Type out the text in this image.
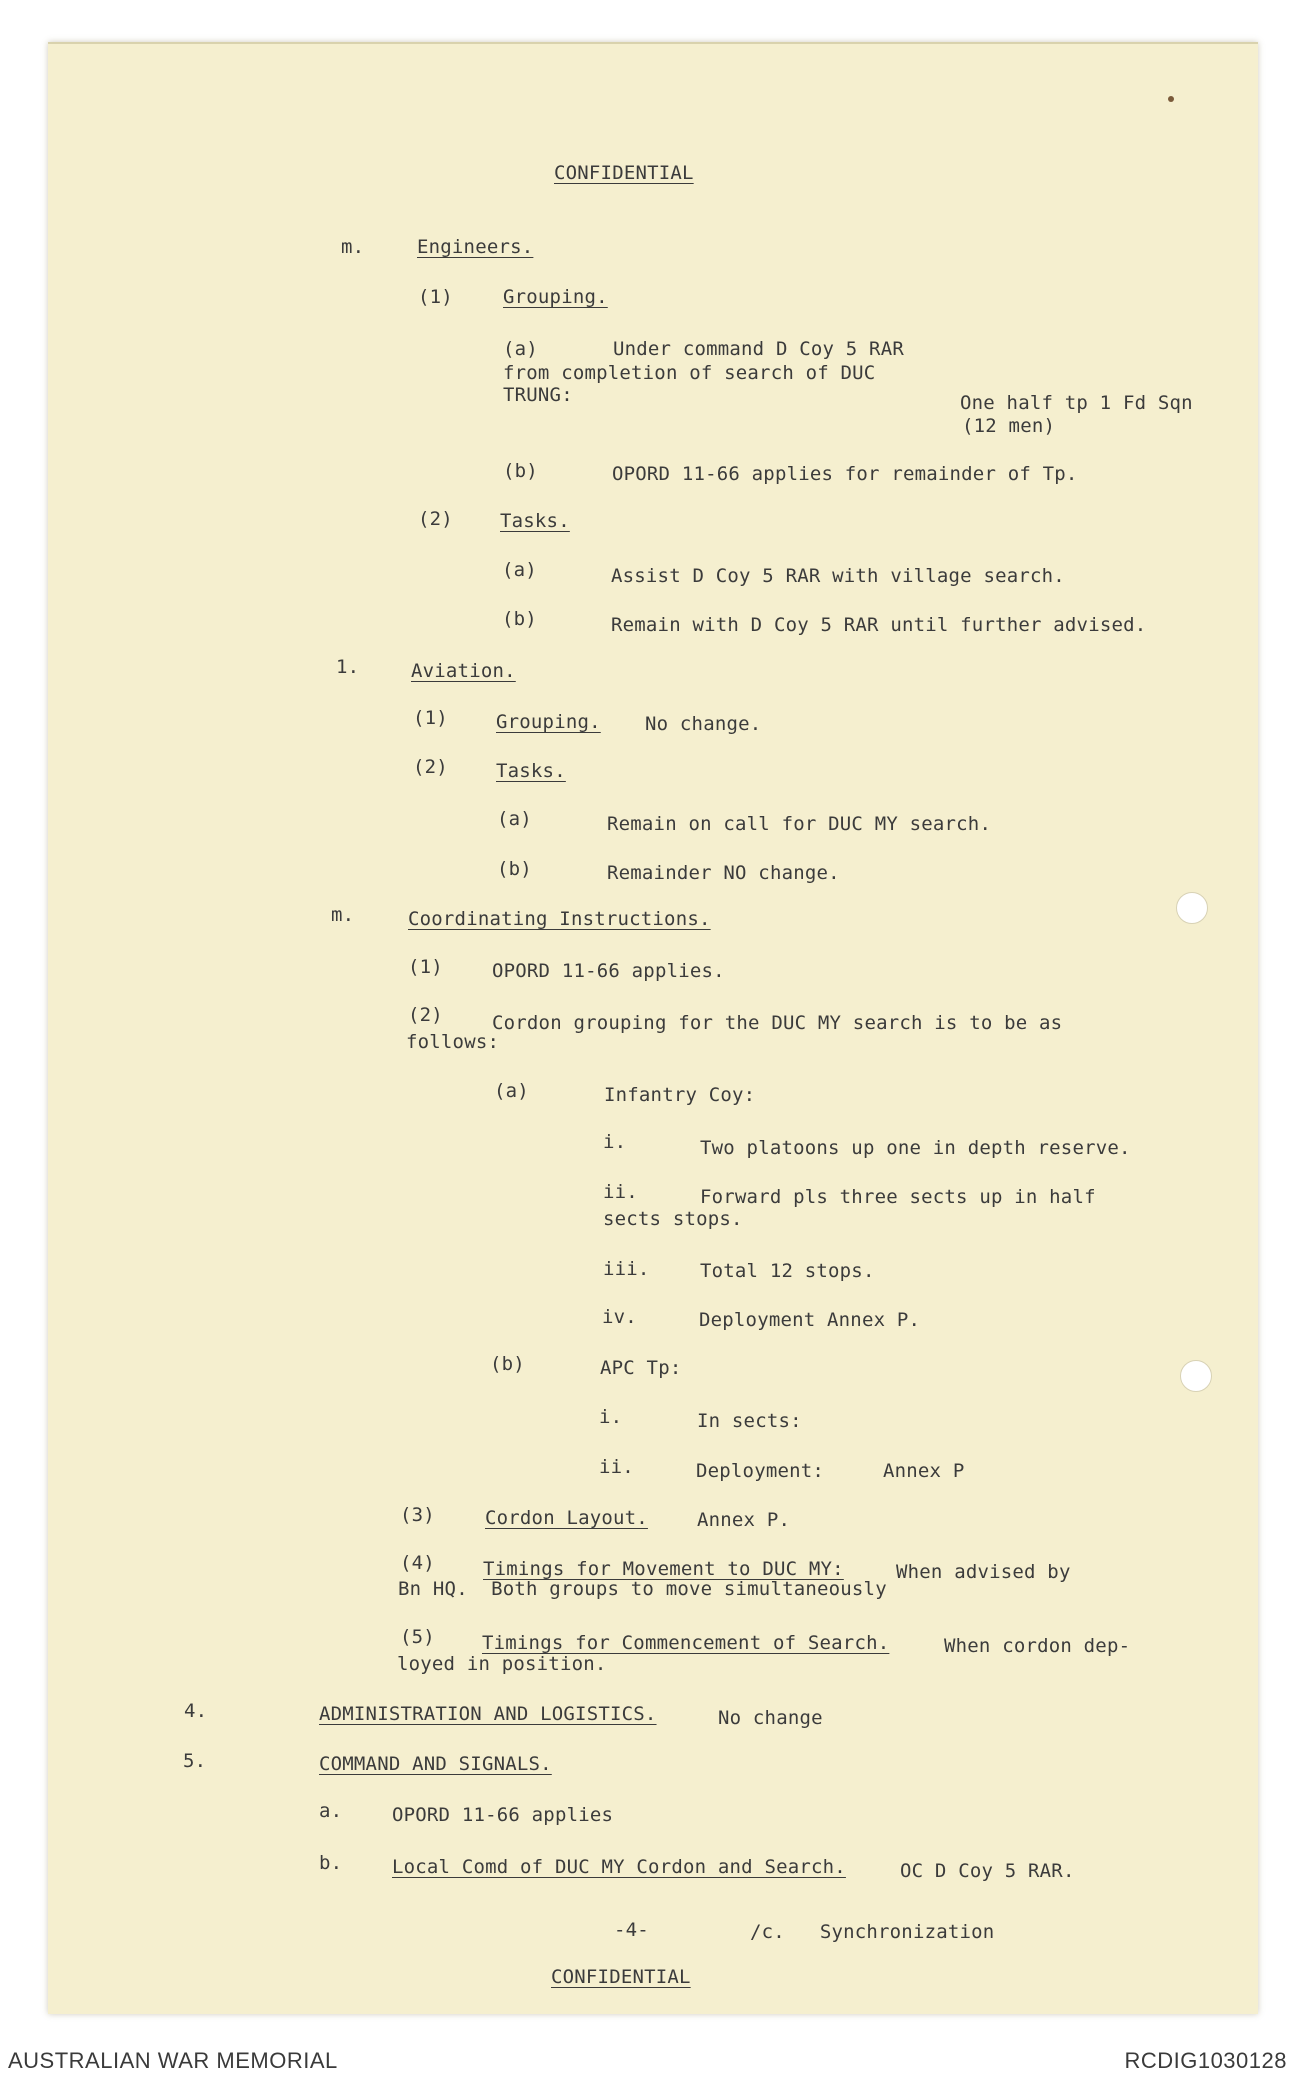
CONFIDENTIAL
m.	Engineers.
(1)	Grouping.
(a)	Under command D Coy 5 RAR
from completion of search of DUC
TRUNG:	One half tp 1 Fd Sqn
(12 men)
(b)	OPORD 11-66 applies for remainder of Tp.
(2) Tasks.
(a)	Assist D Coy 5 RAR with village search.
(b)	Remain with D Coy 5 RAR until further advised.
1.	Aviation.
(1)	Grouping. No change.
(2)	Tasks.
(a)	Remain on call for DUC MY search.
(b)	Remainder NO change.
m.	Coordinating Instructions.
(1)	OPORD 11-66 applies.
(2)	Cordon grouping for the DUC MY search is to be as
follows:
(a)	Infantry Coy:
i.	Two platoons up one in depth reserve.
ii.	Forward pls three sects up in half
sects stops.
iii.	Total 12 stops.
iv.	Deployment Annex P.
(b)	APC Tp:
i.	In sects:
ii.	Deployment:	Annex P
(3)	Cordon Layout.	Annex P.
(4)	Timings for Movement to DUC MY:	When advised by
Bn HQ.  Both groups to move simultaneously
(5) Timings for Commencement of Search.	When cordon dep-
loyed in position.
4.	ADMINISTRATION AND LOGISTICS.	No change
5.	COMMAND AND SIGNALS.
a.	OPORD 11-66 applies
b.	Local Comd of DUC MY Cordon and Search.	OC D Coy 5 RAR.
-4-	/c.   Synchronization
CONFIDENTIAL
AUSTRALIAN WAR MEMORIAL	RCDIG1030128
